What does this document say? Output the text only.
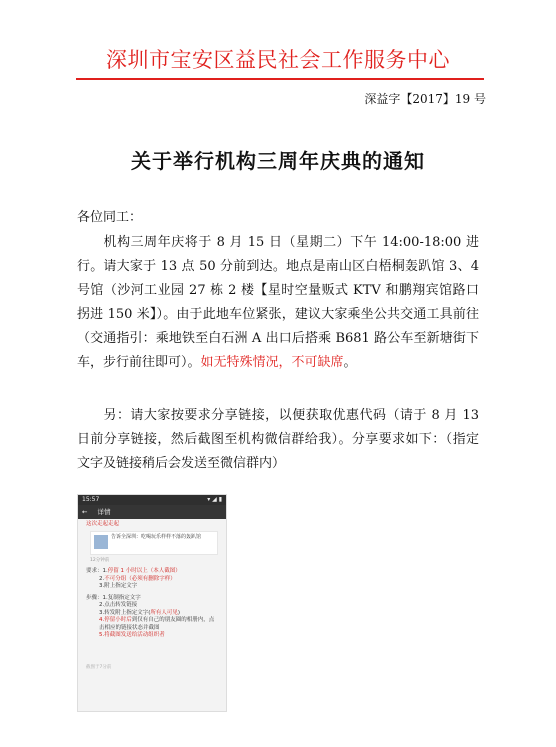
深圳市宝安区益民社会工作服务中心
深益字【2017】19 号
关于举行机构三周年庆典的通知
各位同工：
机构三周年庆将于 8 月 15 日（星期二）下午 14:00-18:00 进行。请大家于 13 点 50 分前到达。地点是南山区白梧桐轰趴馆 3、4 号馆（沙河工业园 27 栋 2 楼【星时空量贩式 KTV 和鹏翔宾馆路口拐进 150 米】）。由于此地车位紧张，建议大家乘坐公共交通工具前往（交通指引：乘地铁至白石洲 A 出口后搭乘 B681 路公车至新塘街下车，步行前往即可）。如无特殊情况，不可缺席。
另：请大家按要求分享链接，以便获取优惠代码（请于 8 月 13 日前分享链接，然后截图至机构微信群给我）。分享要求如下：（指定文字及链接稍后会发送至微信群内）
15:57	▾ ◢ ▮
← 详情
这次走起走起
告诉全深圳：吃喝玩乐样样不落的轰趴馆
12分钟前
要求：1.停留 1 小时以上（本人截图）
2.不可分组（必须有删除字样）
3.附上指定文字
步骤：1.复制指定文字
2.点击转发链接
3.转发附上指定文字(所有人可见)
4.停留小时后到仅有自己的朋友圈的相册内，点击相应的链接状态并截图
5.将截图发送给活动组织者
截图于7分前
